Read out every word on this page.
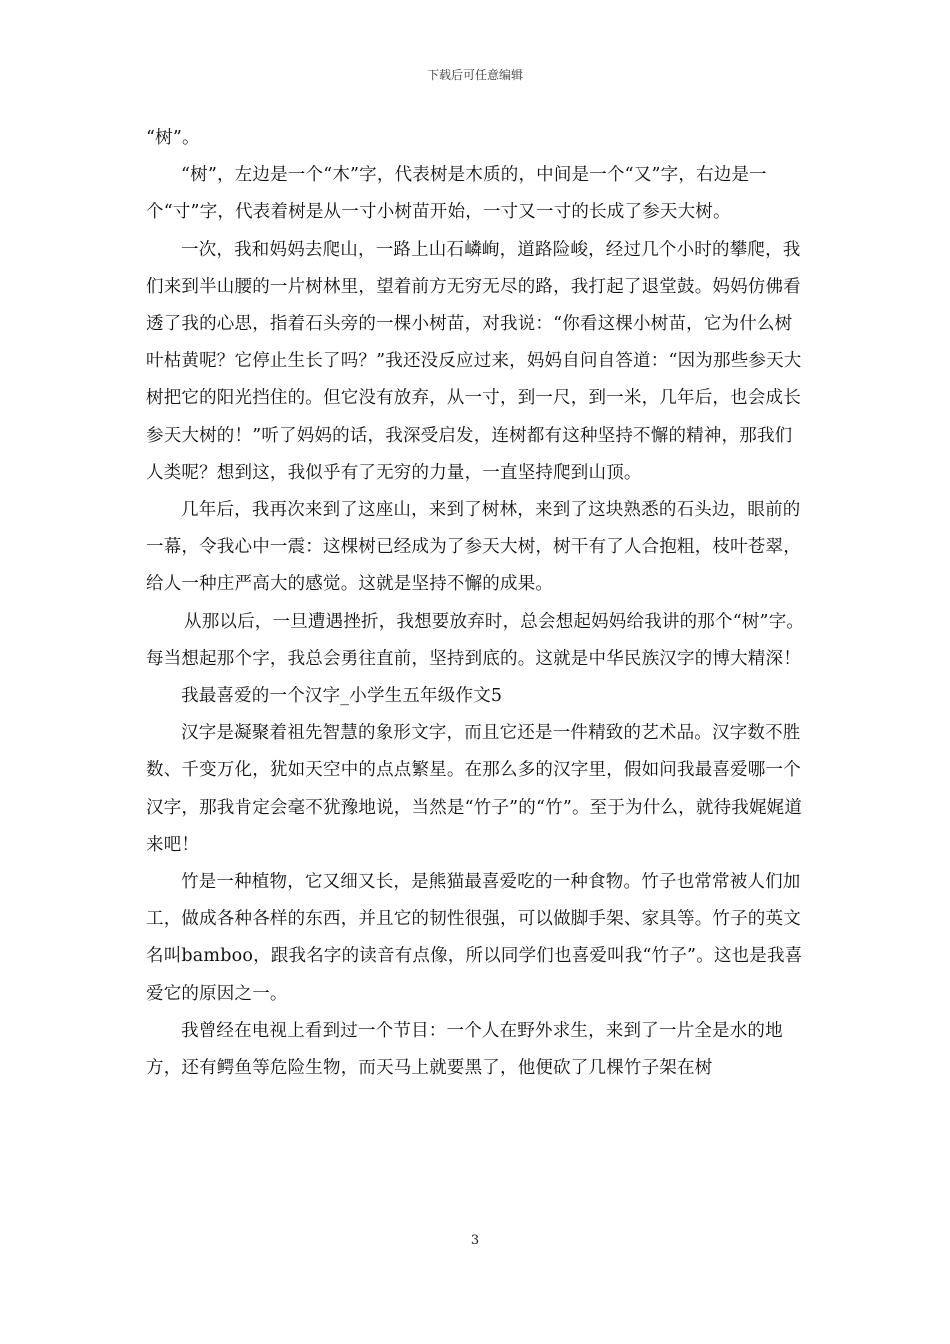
下载后可任意编辑

“树”。

“树”，左边是一个“木”字，代表树是木质的，中间是一个“又”字，右边是一个“寸”字，代表着树是从一寸小树苗开始，一寸又一寸的长成了参天大树。

一次，我和妈妈去爬山，一路上山石嶙峋，道路险峻，经过几个小时的攀爬，我们来到半山腰的一片树林里，望着前方无穷无尽的路，我打起了退堂鼓。妈妈仿佛看透了我的心思，指着石头旁的一棵小树苗，对我说：“你看这棵小树苗，它为什么树叶枯黄呢？它停止生长了吗？”我还没反应过来，妈妈自问自答道：“因为那些参天大树把它的阳光挡住的。但它没有放弃，从一寸，到一尺，到一米，几年后，也会成长参天大树的！”听了妈妈的话，我深受启发，连树都有这种坚持不懈的精神，那我们人类呢？想到这，我似乎有了无穷的力量，一直坚持爬到山顶。

几年后，我再次来到了这座山，来到了树林，来到了这块熟悉的石头边，眼前的一幕，令我心中一震：这棵树已经成为了参天大树，树干有了人合抱粗，枝叶苍翠，给人一种庄严高大的感觉。这就是坚持不懈的成果。

从那以后，一旦遭遇挫折，我想要放弃时，总会想起妈妈给我讲的那个“树”字。每当想起那个字，我总会勇往直前，坚持到底的。这就是中华民族汉字的博大精深！

我最喜爱的一个汉字_小学生五年级作文5

汉字是凝聚着祖先智慧的象形文字，而且它还是一件精致的艺术品。汉字数不胜数、千变万化，犹如天空中的点点繁星。在那么多的汉字里，假如问我最喜爱哪一个汉字，那我肯定会毫不犹豫地说，当然是“竹子”的“竹”。至于为什么，就待我娓娓道来吧！

竹是一种植物，它又细又长，是熊猫最喜爱吃的一种食物。竹子也常常被人们加工，做成各种各样的东西，并且它的韧性很强，可以做脚手架、家具等。竹子的英文名叫bamboo，跟我名字的读音有点像，所以同学们也喜爱叫我“竹子”。这也是我喜爱它的原因之一。

我曾经在电视上看到过一个节目：一个人在野外求生，来到了一片全是水的地方，还有鳄鱼等危险生物，而天马上就要黑了，他便砍了几棵竹子架在树

3
